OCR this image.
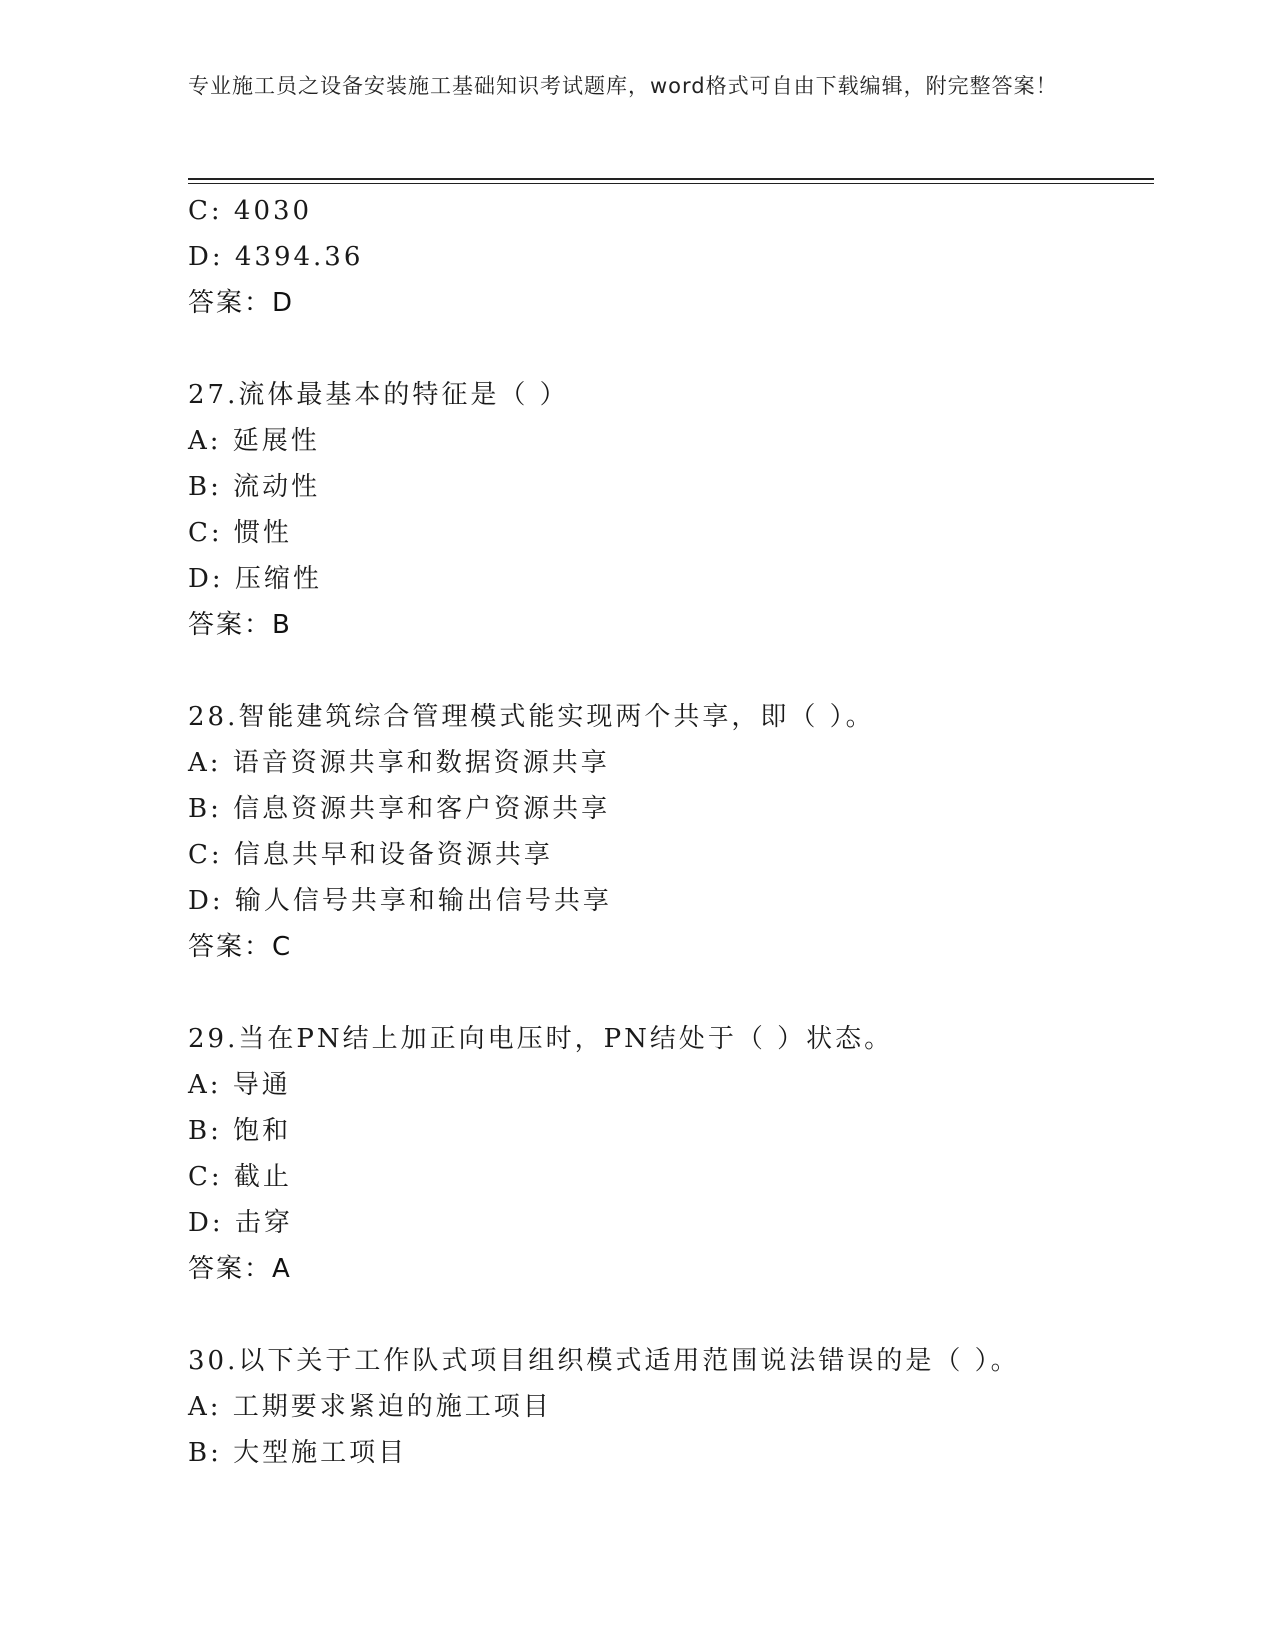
专业施工员之设备安装施工基础知识考试题库，word格式可自由下载编辑，附完整答案！
C: 4030
D: 4394.36
答案：D
27.流体最基本的特征是（ ）
A: 延展性
B: 流动性
C: 惯性
D: 压缩性
答案：B
28.智能建筑综合管理模式能实现两个共享，即（ ）。
A: 语音资源共享和数据资源共享
B: 信息资源共享和客户资源共享
C: 信息共早和设备资源共享
D: 输人信号共享和输出信号共享
答案：C
29.当在PN结上加正向电压时，PN结处于（ ）状态。
A: 导通
B: 饱和
C: 截止
D: 击穿
答案：A
30.以下关于工作队式项目组织模式适用范围说法错误的是（ ）。
A: 工期要求紧迫的施工项目
B: 大型施工项目
